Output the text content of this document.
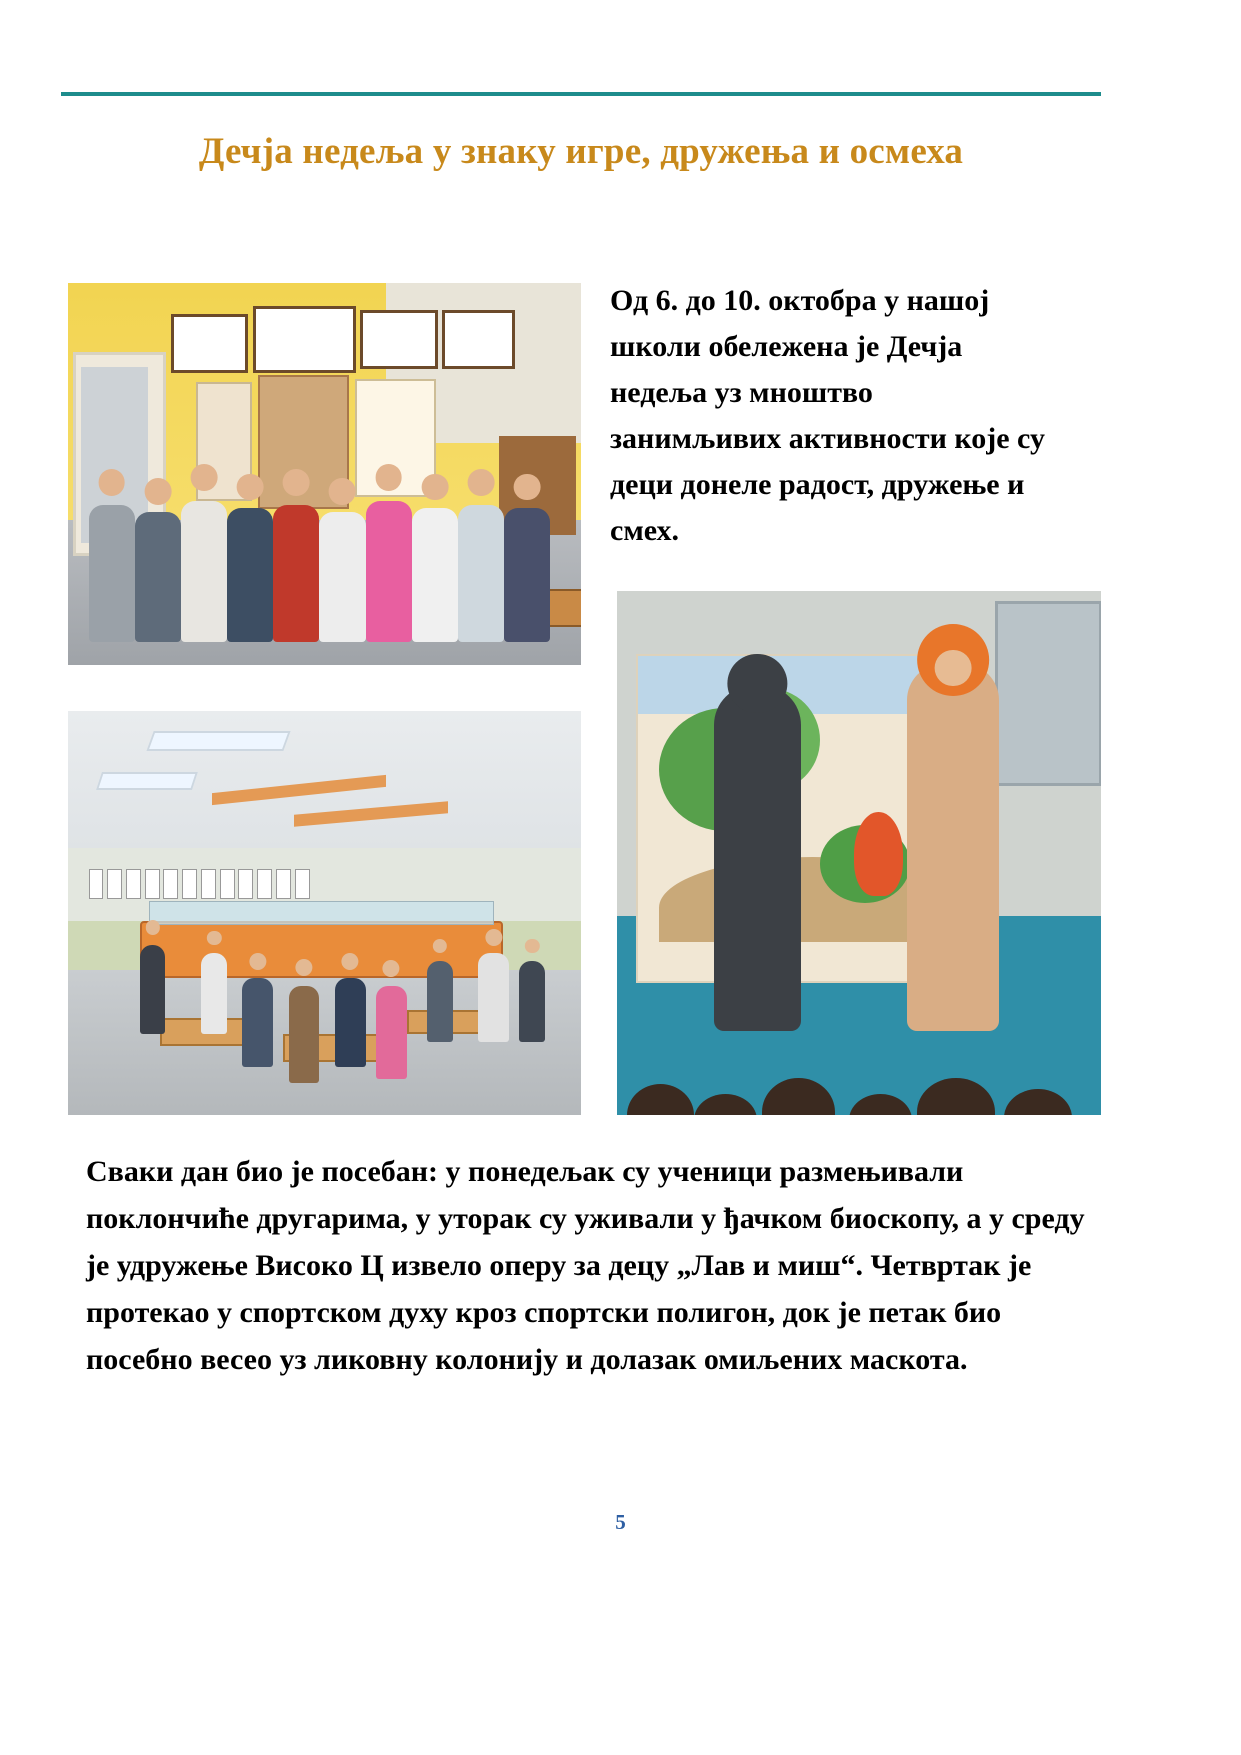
Дечја недеља у знаку игре, дружења и осмеха
Од 6. до 10. октобра у нашој школи обележена је Дечја недеља уз мноштво занимљивих активности које су деци донеле радост, дружење и смех.
Сваки дан био је посебан: у понедељак су ученици размењивали поклончиће другарима, у уторак су уживали у ђачком биоскопу, а у среду је удружење Високо Ц извело оперу за децу „Лав и миш“. Четвртак је протекао у спортском духу кроз спортски полигон, док је петак био посебно весео уз ликовну колонију и долазак омиљених маскота.
5
